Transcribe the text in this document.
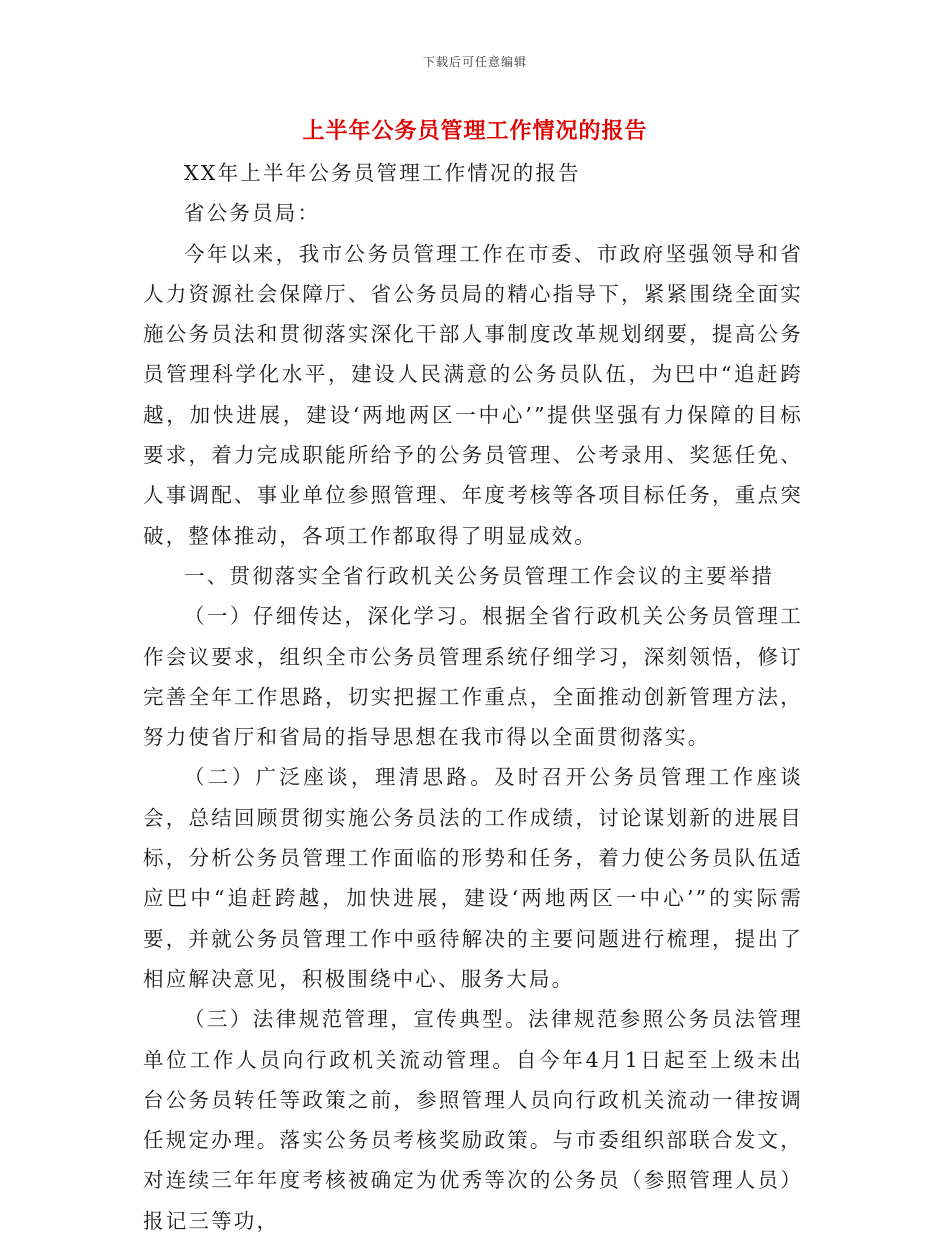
下载后可任意编辑
上半年公务员管理工作情况的报告

XX年上半年公务员管理工作情况的报告

省公务员局：

今年以来，我市公务员管理工作在市委、市政府坚强领导和省人力资源社会保障厅、省公务员局的精心指导下，紧紧围绕全面实施公务员法和贯彻落实深化干部人事制度改革规划纲要，提高公务员管理科学化水平，建设人民满意的公务员队伍，为巴中“追赶跨越，加快进展，建设‘两地两区一中心’”提供坚强有力保障的目标要求，着力完成职能所给予的公务员管理、公考录用、奖惩任免、人事调配、事业单位参照管理、年度考核等各项目标任务，重点突破，整体推动，各项工作都取得了明显成效。

一、贯彻落实全省行政机关公务员管理工作会议的主要举措

（一）仔细传达，深化学习。根据全省行政机关公务员管理工作会议要求，组织全市公务员管理系统仔细学习，深刻领悟，修订完善全年工作思路，切实把握工作重点，全面推动创新管理方法，努力使省厅和省局的指导思想在我市得以全面贯彻落实。

（二）广泛座谈，理清思路。及时召开公务员管理工作座谈会，总结回顾贯彻实施公务员法的工作成绩，讨论谋划新的进展目标，分析公务员管理工作面临的形势和任务，着力使公务员队伍适应巴中“追赶跨越，加快进展，建设‘两地两区一中心’”的实际需要，并就公务员管理工作中亟待解决的主要问题进行梳理，提出了相应解决意见，积极围绕中心、服务大局。

（三）法律规范管理，宣传典型。法律规范参照公务员法管理单位工作人员向行政机关流动管理。自今年4月1日起至上级未出台公务员转任等政策之前，参照管理人员向行政机关流动一律按调任规定办理。落实公务员考核奖励政策。与市委组织部联合发文，对连续三年年度考核被确定为优秀等次的公务员（参照管理人员）报记三等功，
